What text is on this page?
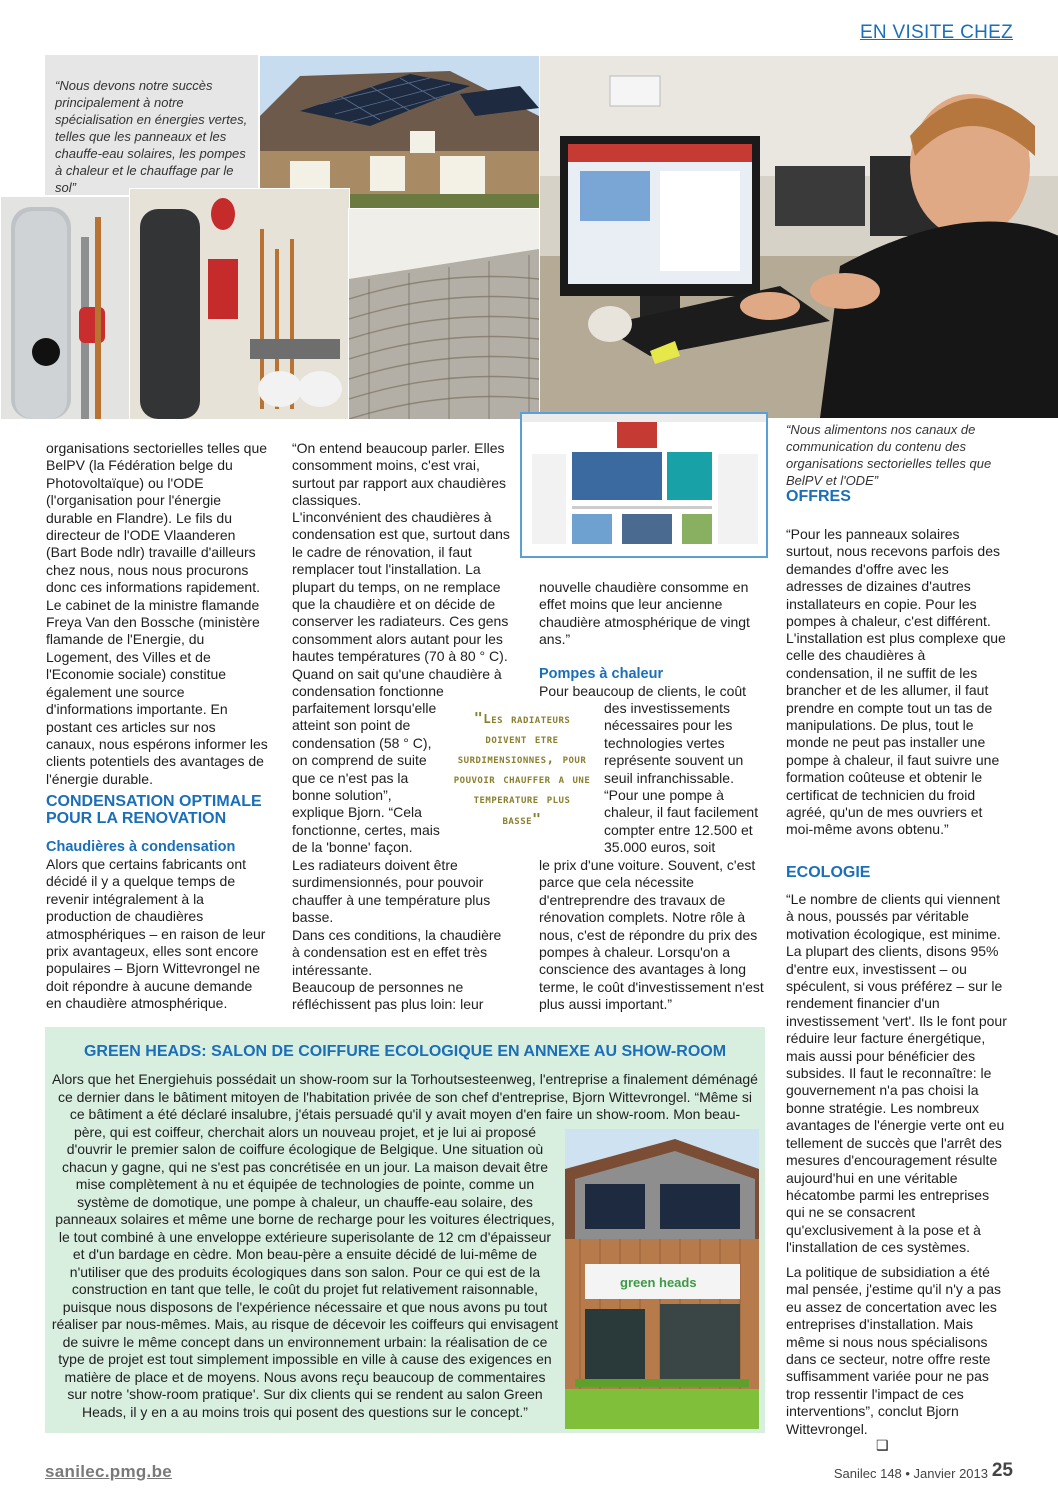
EN VISITE CHEZ
“Nous devons notre succès principalement à notre spécialisation en énergies vertes, telles que les panneaux et les chauffe-eau solaires, les pompes à chaleur et le chauffage par le sol”
“Nous alimentons nos canaux de communication du contenu des organisations sectorielles telles que BelPV et l'ODE”

organisations sectorielles telles que BelPV (la Fédération belge du Photovoltaïque) ou l'ODE (l'organisation pour l'énergie durable en Flandre). Le fils du directeur de l'ODE Vlaanderen (Bart Bode ndlr) travaille d'ailleurs chez nous, nous nous procurons donc ces informations rapidement. Le cabinet de la ministre flamande Freya Van den Bossche (ministère flamande de l'Energie, du Logement, des Villes et de l'Economie sociale) constitue également une source d'informations importante. En postant ces articles sur nos canaux, nous espérons informer les clients potentiels des avantages de l'énergie durable.

CONDENSATION OPTIMALE POUR LA RENOVATION
Chaudières à condensation

Alors que certains fabricants ont décidé il y a quelque temps de revenir intégralement à la production de chaudières atmosphériques – en raison de leur prix avantageux, elles sont encore populaires – Bjorn Wittevrongel ne doit répondre à aucune demande en chaudière atmosphérique.

“On entend beaucoup parler. Elles consomment moins, c'est vrai, surtout par rapport aux chaudières classiques.

L'inconvénient des chaudières à condensation est que, surtout dans le cadre de rénovation, il faut remplacer tout l'installation. La plupart du temps, on ne remplace que la chaudière et on décide de conserver les radiateurs. Ces gens consomment alors autant pour les hautes températures (70 à 80 ° C). Quand on sait qu'une chaudière à condensation fonctionne

parfaitement lorsqu'elle atteint son point de condensation (58 ° C), on comprend de suite que ce n'est pas la bonne solution”, explique Bjorn. “Cela fonctionne, certes, mais de la 'bonne' façon.

Les radiateurs doivent être surdimensionnés, pour pouvoir chauffer à une température plus basse.

Dans ces conditions, la chaudière à condensation est en effet très intéressante.

Beaucoup de personnes ne réfléchissent pas plus loin: leur

"Les radiateurs doivent etre surdimensionnes, pour pouvoir chauffer a une temperature plus basse"

nouvelle chaudière consomme en effet moins que leur ancienne chaudière atmosphérique de vingt ans.”

Pompes à chaleur

Pour beaucoup de clients, le coût

des investissements nécessaires pour les technologies vertes représente souvent un seuil infranchissable.

“Pour une pompe à chaleur, il faut facilement compter entre 12.500 et 35.000 euros, soit

le prix d'une voiture. Souvent, c'est parce que cela nécessite d'entreprendre des travaux de rénovation complets. Notre rôle à nous, c'est de répondre du prix des pompes à chaleur. Lorsqu'on a conscience des avantages à long terme, le coût d'investissement n'est plus aussi important.”

OFFRES

“Pour les panneaux solaires surtout, nous recevons parfois des demandes d'offre avec les adresses de dizaines d'autres installateurs en copie. Pour les pompes à chaleur, c'est différent.

L'installation est plus complexe que celle des chaudières à condensation, il ne suffit de les brancher et de les allumer, il faut prendre en compte tout un tas de manipulations. De plus, tout le monde ne peut pas installer une pompe à chaleur, il faut suivre une formation coûteuse et obtenir le certificat de technicien du froid agréé, qu'un de mes ouvriers et moi-même avons obtenu.”

ECOLOGIE

“Le nombre de clients qui viennent à nous, poussés par véritable motivation écologique, est minime. La plupart des clients, disons 95% d'entre eux, investissent – ou spéculent, si vous préférez – sur le rendement financier d'un investissement 'vert'. Ils le font pour réduire leur facture énergétique, mais aussi pour bénéficier des subsides. Il faut le reconnaître: le gouvernement n'a pas choisi la bonne stratégie. Les nombreux avantages de l'énergie verte ont eu tellement de succès que l'arrêt des mesures d'encouragement résulte aujourd'hui en une véritable hécatombe parmi les entreprises qui ne se consacrent qu'exclusivement à la pose et à l'installation de ces systèmes.

La politique de subsidiation a été mal pensée, j'estime qu'il n'y a pas eu assez de concertation avec les entreprises d'installation. Mais même si nous nous spécialisons dans ce secteur, notre offre reste suffisamment variée pour ne pas trop ressentir l'impact de ces interventions”, conclut Bjorn Wittevrongel.

❑
GREEN HEADS: SALON DE COIFFURE ECOLOGIQUE EN ANNEXE AU SHOW-ROOM
green heads
Alors que het Energiehuis possédait un show-room sur la Torhoutsesteenweg, l'entreprise a finalement déménagé
ce dernier dans le bâtiment mitoyen de l'habitation privée de son chef d'entreprise, Bjorn Wittevrongel. “Même si
ce bâtiment a été déclaré insalubre, j'étais persuadé qu'il y avait moyen d'en faire un show-room. Mon beau-
père, qui est coiffeur, cherchait alors un nouveau projet, et je lui ai proposé
d'ouvrir le premier salon de coiffure écologique de Belgique. Une situation où
chacun y gagne, qui ne s'est pas concrétisée en un jour. La maison devait être
mise complètement à nu et équipée de technologies de pointe, comme un
système de domotique, une pompe à chaleur, un chauffe-eau solaire, des
panneaux solaires et même une borne de recharge pour les voitures électriques,
le tout combiné à une enveloppe extérieure superisolante de 12 cm d'épaisseur
et d'un bardage en cèdre. Mon beau-père a ensuite décidé de lui-même de
n'utiliser que des produits écologiques dans son salon. Pour ce qui est de la
construction en tant que telle, le coût du projet fut relativement raisonnable,
puisque nous disposons de l'expérience nécessaire et que nous avons pu tout
réaliser par nous-mêmes. Mais, au risque de décevoir les coiffeurs qui envisagent
de suivre le même concept dans un environnement urbain: la réalisation de ce
type de projet est tout simplement impossible en ville à cause des exigences en
matière de place et de moyens. Nous avons reçu beaucoup de commentaires
sur notre 'show-room pratique'. Sur dix clients qui se rendent au salon Green
Heads, il y en a au moins trois qui posent des questions sur le concept.”
sanilec.pmg.be	Sanilec 148 • Janvier 2013 25
